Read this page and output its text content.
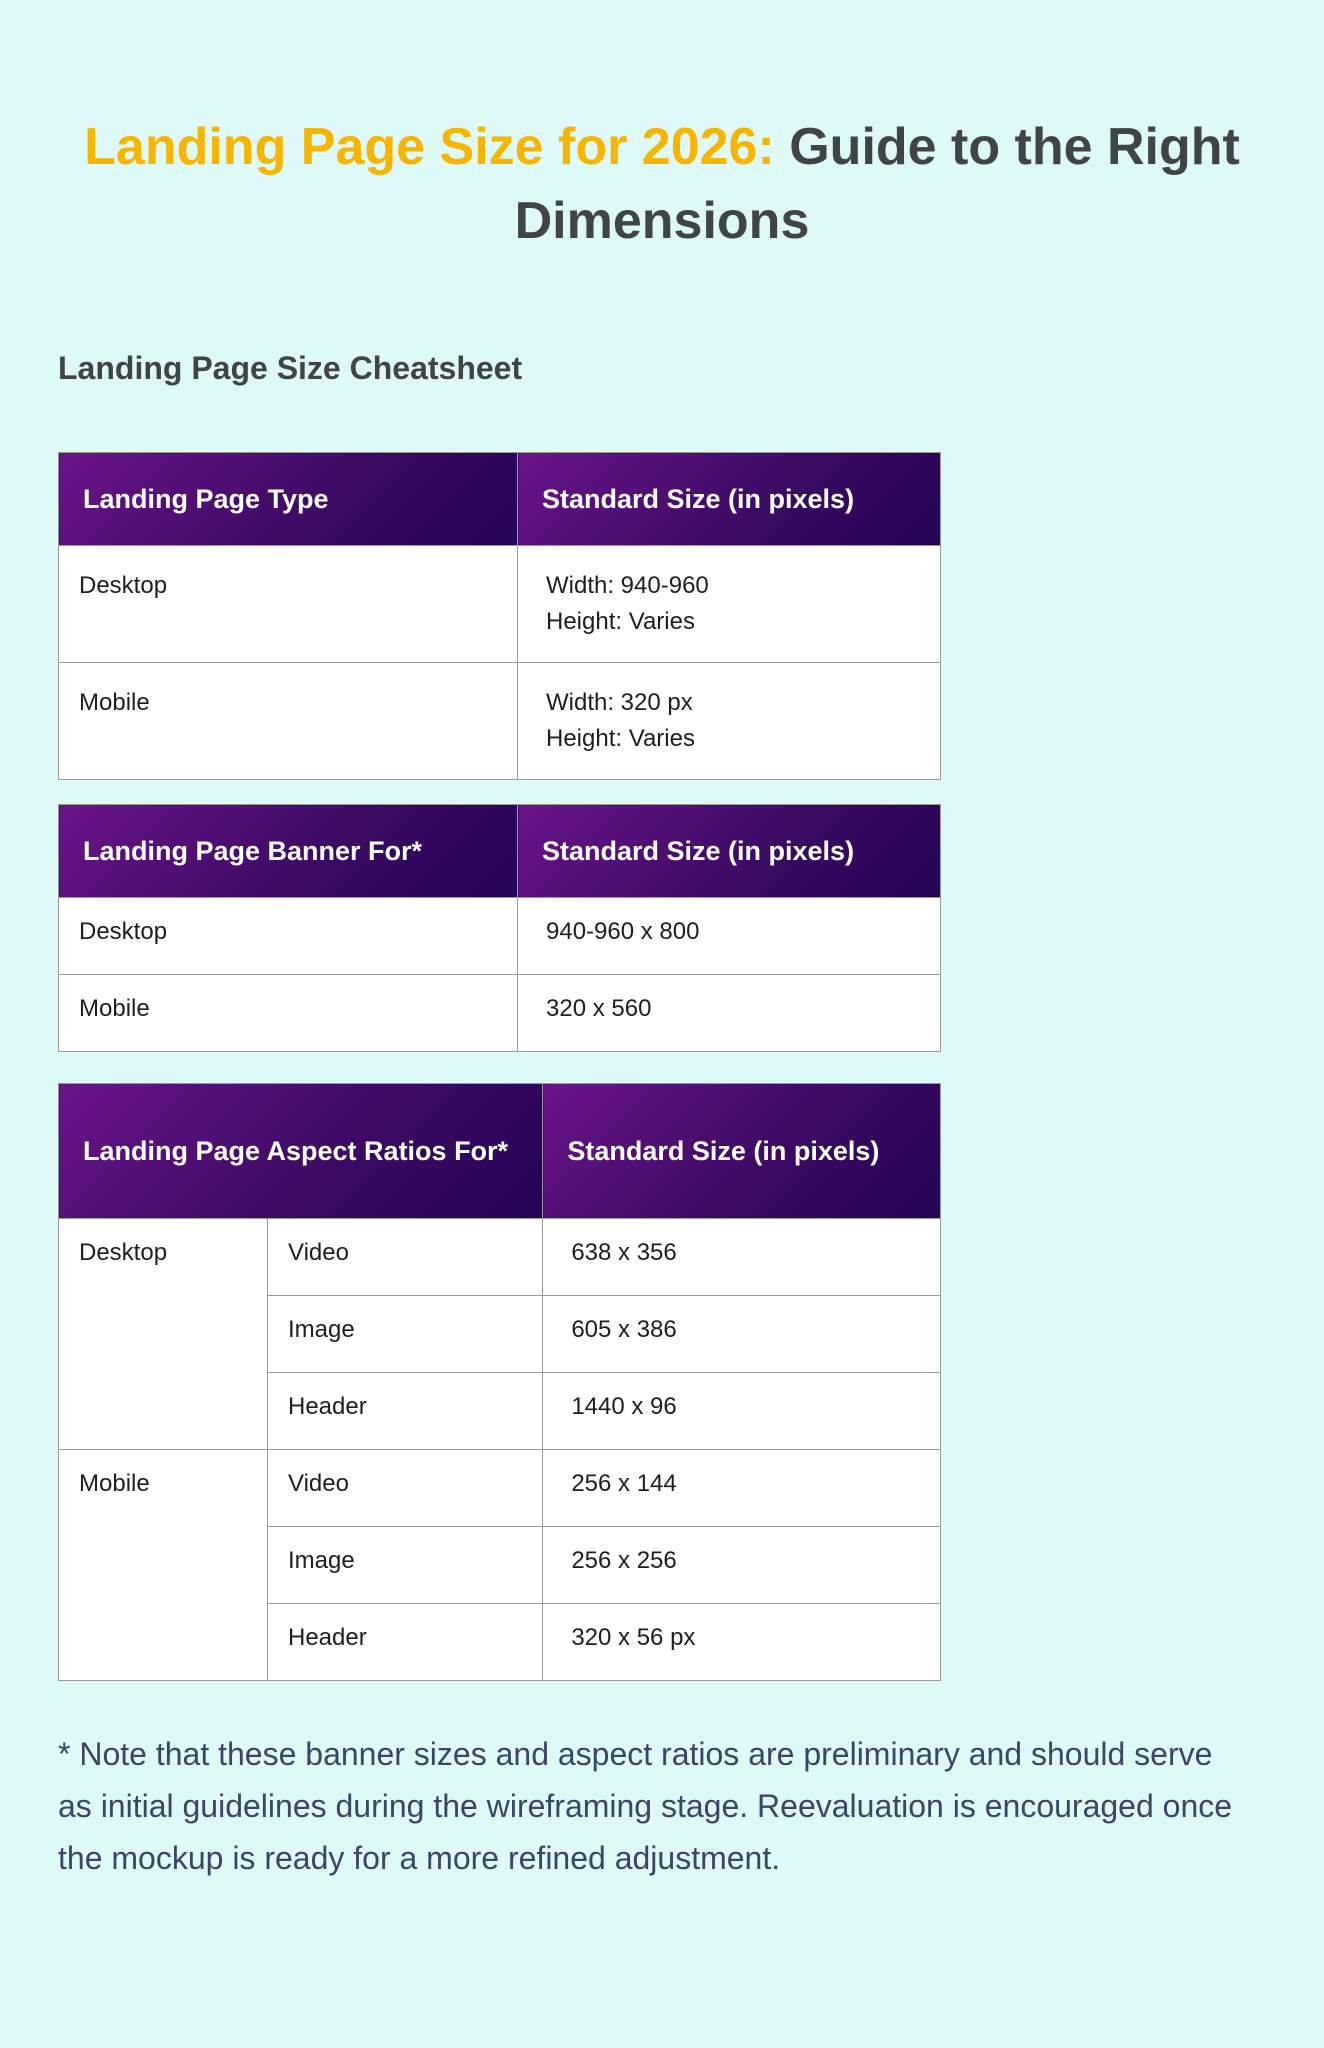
Landing Page Size for 2026: Guide to the Right Dimensions
Landing Page Size Cheatsheet
Landing Page Type	Standard Size (in pixels)
Desktop	Width: 940-960
Height: Varies

Mobile	Width: 320 px
Height: Varies
Landing Page Banner For*	Standard Size (in pixels)
Desktop	940-960 x 800
Mobile	320 x 560
Landing Page Aspect Ratios For*		Standard Size (in pixels)
Desktop	Video	638 x 356
	Image	605 x 386
	Header	1440 x 96
Mobile	Video	256 x 144
	Image	256 x 256
	Header	320 x 56 px
* Note that these banner sizes and aspect ratios are preliminary and should serve as initial guidelines during the wireframing stage. Reevaluation is encouraged once the mockup is ready for a more refined adjustment.
